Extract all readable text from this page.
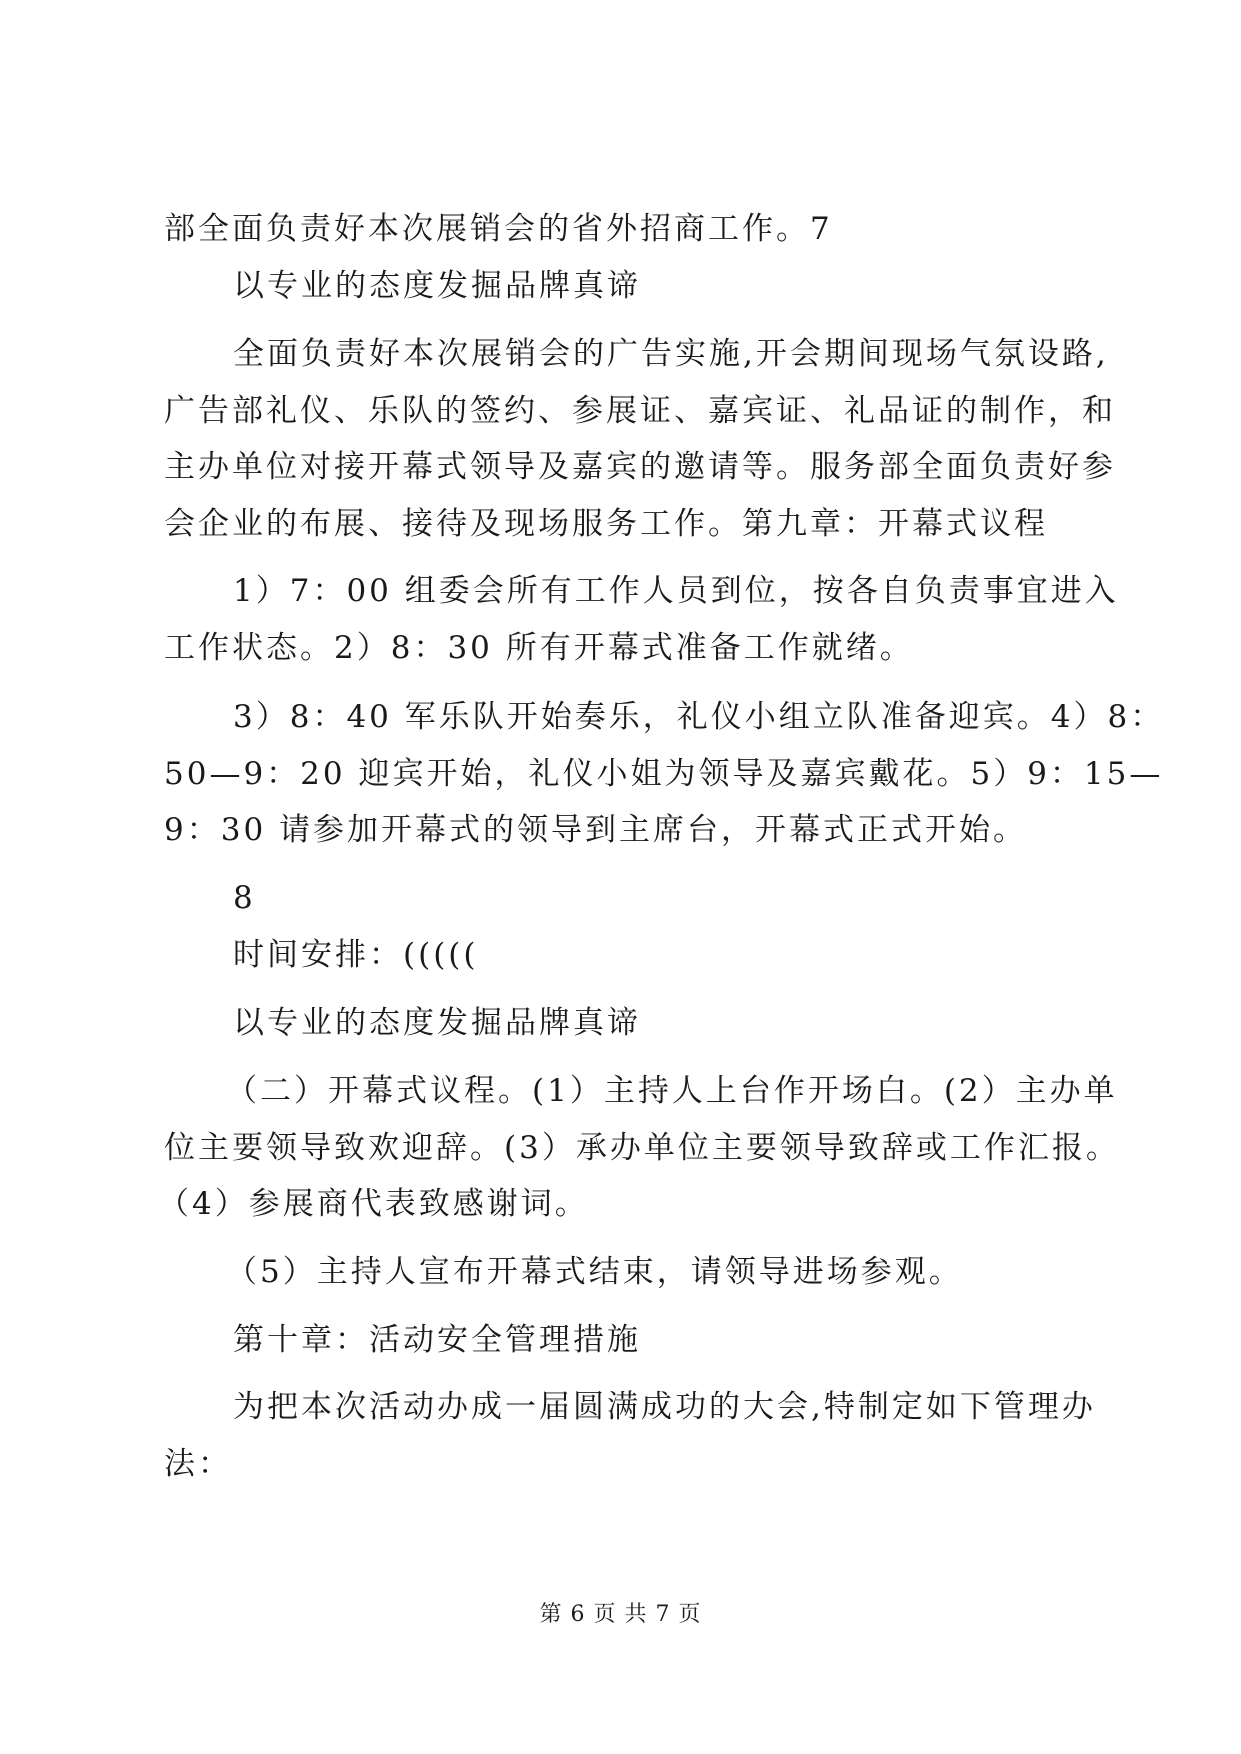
部全面负责好本次展销会的省外招商工作。7
以专业的态度发掘品牌真谛
全面负责好本次展销会的广告实施,开会期间现场气氛设路,
广告部礼仪、乐队的签约、参展证、嘉宾证、礼品证的制作，和
主办单位对接开幕式领导及嘉宾的邀请等。服务部全面负责好参
会企业的布展、接待及现场服务工作。第九章：开幕式议程
1）7：00 组委会所有工作人员到位，按各自负责事宜进入
工作状态。2）8：30 所有开幕式准备工作就绪。
3）8：40 军乐队开始奏乐，礼仪小组立队准备迎宾。4）8：
50—9：20 迎宾开始，礼仪小姐为领导及嘉宾戴花。5）9：15—
9：30 请参加开幕式的领导到主席台，开幕式正式开始。
8
时间安排：(((((
以专业的态度发掘品牌真谛
（二）开幕式议程。(1）主持人上台作开场白。(2）主办单
位主要领导致欢迎辞。(3）承办单位主要领导致辞或工作汇报。
（4）参展商代表致感谢词。
（5）主持人宣布开幕式结束，请领导进场参观。
第十章：活动安全管理措施
为把本次活动办成一届圆满成功的大会,特制定如下管理办
法：
第 6 页 共 7 页
